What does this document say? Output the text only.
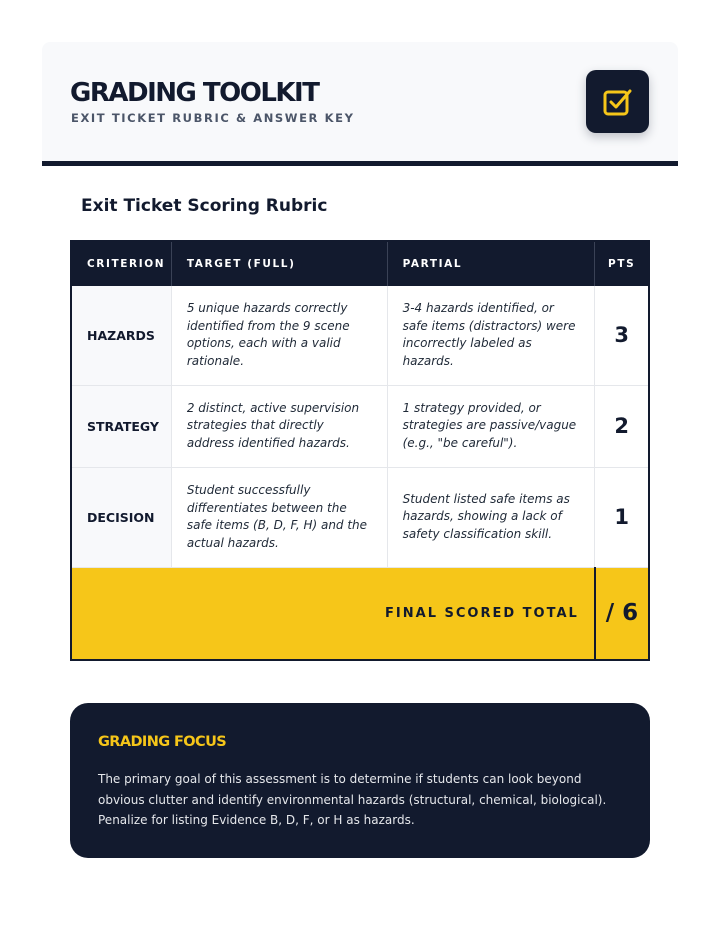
GRADING TOOLKIT
EXIT TICKET RUBRIC & ANSWER KEY
Exit Ticket Scoring Rubric
CRITERION	TARGET (FULL)	PARTIAL	PTS
HAZARDS	5 unique hazards correctly identified from the 9 scene options, each with a valid rationale.	3-4 hazards identified, or safe items (distractors) were incorrectly labeled as hazards.	3
STRATEGY	2 distinct, active supervision strategies that directly address identified hazards.	1 strategy provided, or strategies are passive/vague (e.g., "be careful").	2
DECISION	Student successfully differentiates between the safe items (B, D, F, H) and the actual hazards.	Student listed safe items as hazards, showing a lack of safety classification skill.	1
FINAL SCORED TOTAL			/ 6
GRADING FOCUS
The primary goal of this assessment is to determine if students can look beyond obvious clutter and identify environmental hazards (structural, chemical, biological). Penalize for listing Evidence B, D, F, or H as hazards.
